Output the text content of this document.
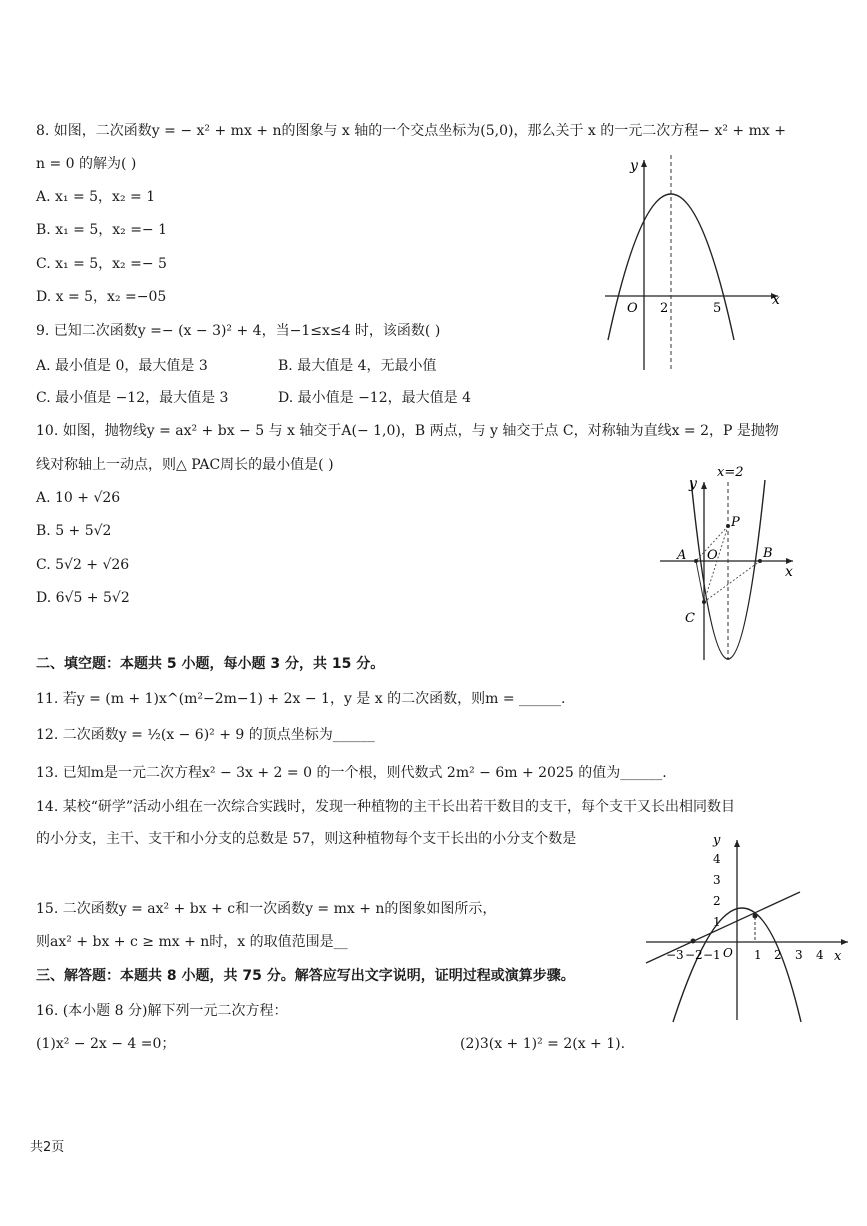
8. 如图，二次函数y = − x² + mx + n的图象与 x 轴的一个交点坐标为(5,0)，那么关于 x 的一元二次方程− x² + mx +
n = 0 的解为( )
A. x₁ = 5，x₂ = 1
B. x₁ = 5，x₂ =− 1
C. x₁ = 5，x₂ =− 5
D. x = 5，x₂ =−05
y
x
O 2	5
9. 已知二次函数y =− (x − 3)² + 4，当−1≤x≤4 时，该函数( )
A. 最小值是 0，最大值是 3	B. 最大值是 4，无最小值
C. 最小值是 −12，最大值是 3	D. 最小值是 −12，最大值是 4
10. 如图，抛物线y = ax² + bx − 5 与 x 轴交于A(− 1,0)，B 两点，与 y 轴交于点 C，对称轴为直线x = 2，P 是抛物
线对称轴上一动点，则△ PAC周长的最小值是( )
A. 10 + √26
B. 5 + 5√2
C. 5√2 + √26
D. 6√5 + 5√2
x=2
y
x
A O	B
C
P
二、填空题：本题共 5 小题，每小题 3 分，共 15 分。
11. 若y = (m + 1)x^(m²−2m−1) + 2x − 1，y 是 x 的二次函数，则m = ______.
12. 二次函数y = ½(x − 6)² + 9 的顶点坐标为______
13. 已知m是一元二次方程x² − 3x + 2 = 0 的一个根，则代数式 2m² − 6m + 2025 的值为______.
14. 某校“研学”活动小组在一次综合实践时，发现一种植物的主干长出若干数目的支干，每个支干又长出相同数目
的小分支，主干、支干和小分支的总数是 57，则这种植物每个支干长出的小分支个数是
15. 二次函数y = ax² + bx + c和一次函数y = mx + n的图象如图所示，
则ax² + bx + c ≥ mx + n时，x 的取值范围是__
y
x
O
4
3
2
1
−3 −2 −1	1 2 3 4
三、解答题：本题共 8 小题，共 75 分。解答应写出文字说明，证明过程或演算步骤。
16. (本小题 8 分)解下列一元二次方程：
(1)x² − 2x − 4 =0；	(2)3(x + 1)² = 2(x + 1).
共2页
